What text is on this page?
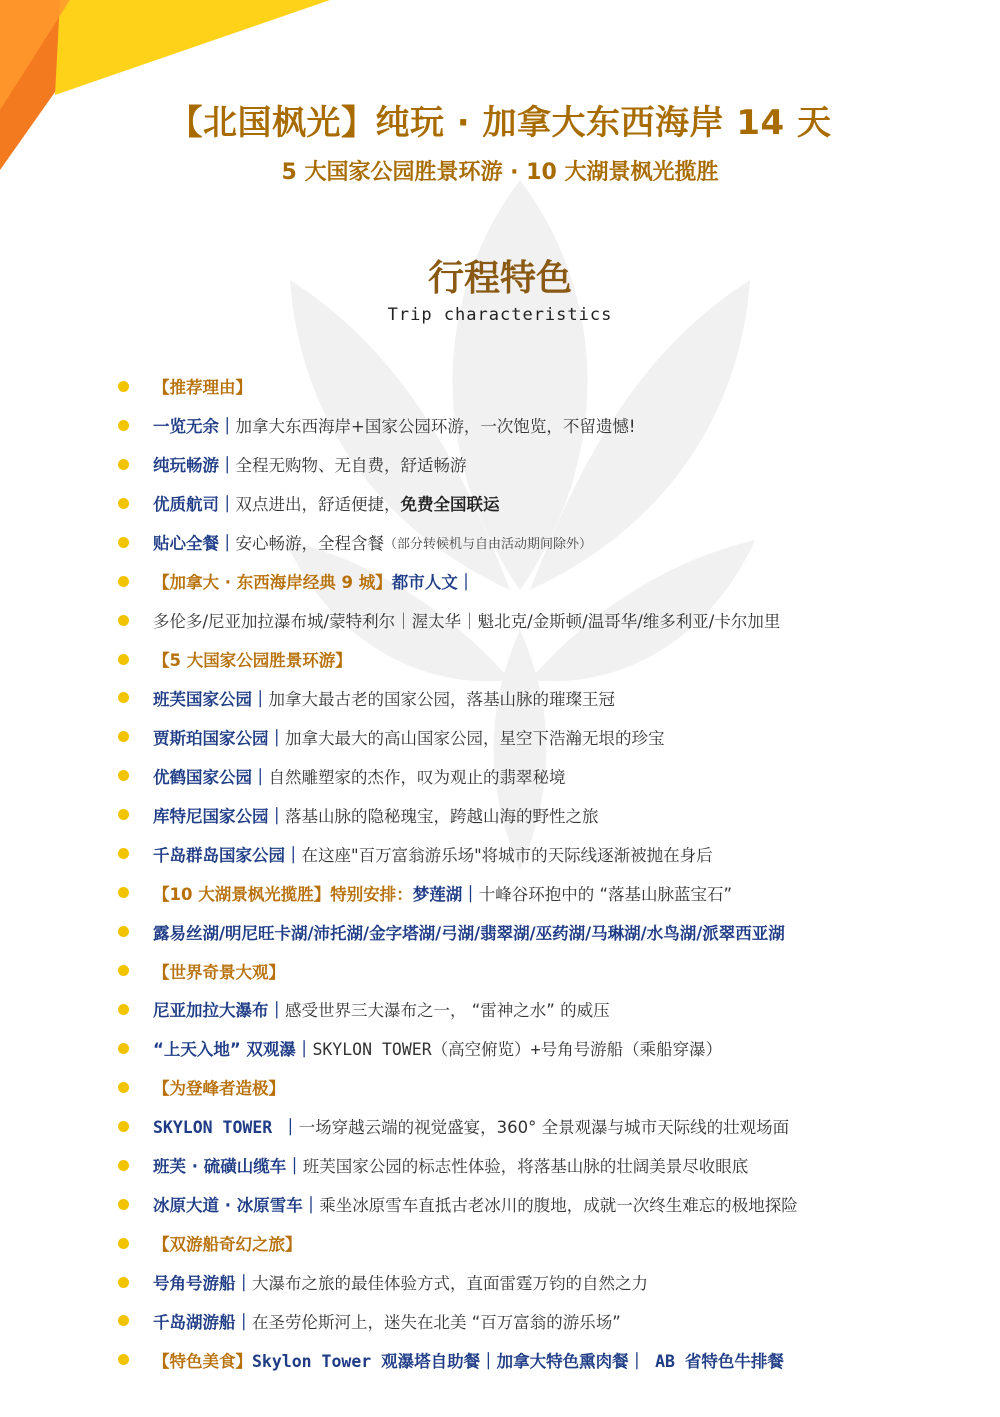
【北国枫光】纯玩 · 加拿大东西海岸 14 天
5 大国家公园胜景环游 · 10 大湖景枫光揽胜
行程特色
Trip characteristics
【推荐理由】
一览无余｜ 加拿大东西海岸+国家公园环游，一次饱览，不留遗憾!
纯玩畅游｜ 全程无购物、无自费，舒适畅游
优质航司｜ 双点进出，舒适便捷， 免费全国联运
贴心全餐｜ 安心畅游，全程含餐 （部分转候机与自由活动期间除外）
【加拿大 · 东西海岸经典 9 城】 都市人文｜
多伦多/尼亚加拉瀑布城/蒙特利尔｜渥太华｜魁北克/金斯顿/温哥华/维多利亚/卡尔加里
【5 大国家公园胜景环游】
班芙国家公园｜ 加拿大最古老的国家公园，落基山脉的璀璨王冠
贾斯珀国家公园｜ 加拿大最大的高山国家公园，星空下浩瀚无垠的珍宝
优鹤国家公园｜ 自然雕塑家的杰作，叹为观止的翡翠秘境
库特尼国家公园｜ 落基山脉的隐秘瑰宝，跨越山海的野性之旅
千岛群岛国家公园｜ 在这座"百万富翁游乐场"将城市的天际线逐渐被抛在身后
【10 大湖景枫光揽胜】特别安排： 梦莲湖｜ 十峰谷环抱中的 “落基山脉蓝宝石”
露易丝湖/明尼旺卡湖/沛托湖/金字塔湖/弓湖/翡翠湖/巫药湖/马琳湖/水鸟湖/派翠西亚湖
【世界奇景大观】
尼亚加拉大瀑布｜ 感受世界三大瀑布之一， “雷神之水” 的威压
“上天入地” 双观瀑｜ SKYLON TOWER（高空俯览）+号角号游船（乘船穿瀑）
【为登峰者造极】
SKYLON TOWER ｜ 一场穿越云端的视觉盛宴，360° 全景观瀑与城市天际线的壮观场面
班芙 · 硫磺山缆车｜ 班芙国家公园的标志性体验，将落基山脉的壮阔美景尽收眼底
冰原大道 · 冰原雪车｜ 乘坐冰原雪车直抵古老冰川的腹地，成就一次终生难忘的极地探险
【双游船奇幻之旅】
号角号游船｜ 大瀑布之旅的最佳体验方式，直面雷霆万钧的自然之力
千岛湖游船｜ 在圣劳伦斯河上，迷失在北美 “百万富翁的游乐场”
【特色美食】 Skylon Tower 观瀑塔自助餐｜加拿大特色熏肉餐｜ AB 省特色牛排餐
